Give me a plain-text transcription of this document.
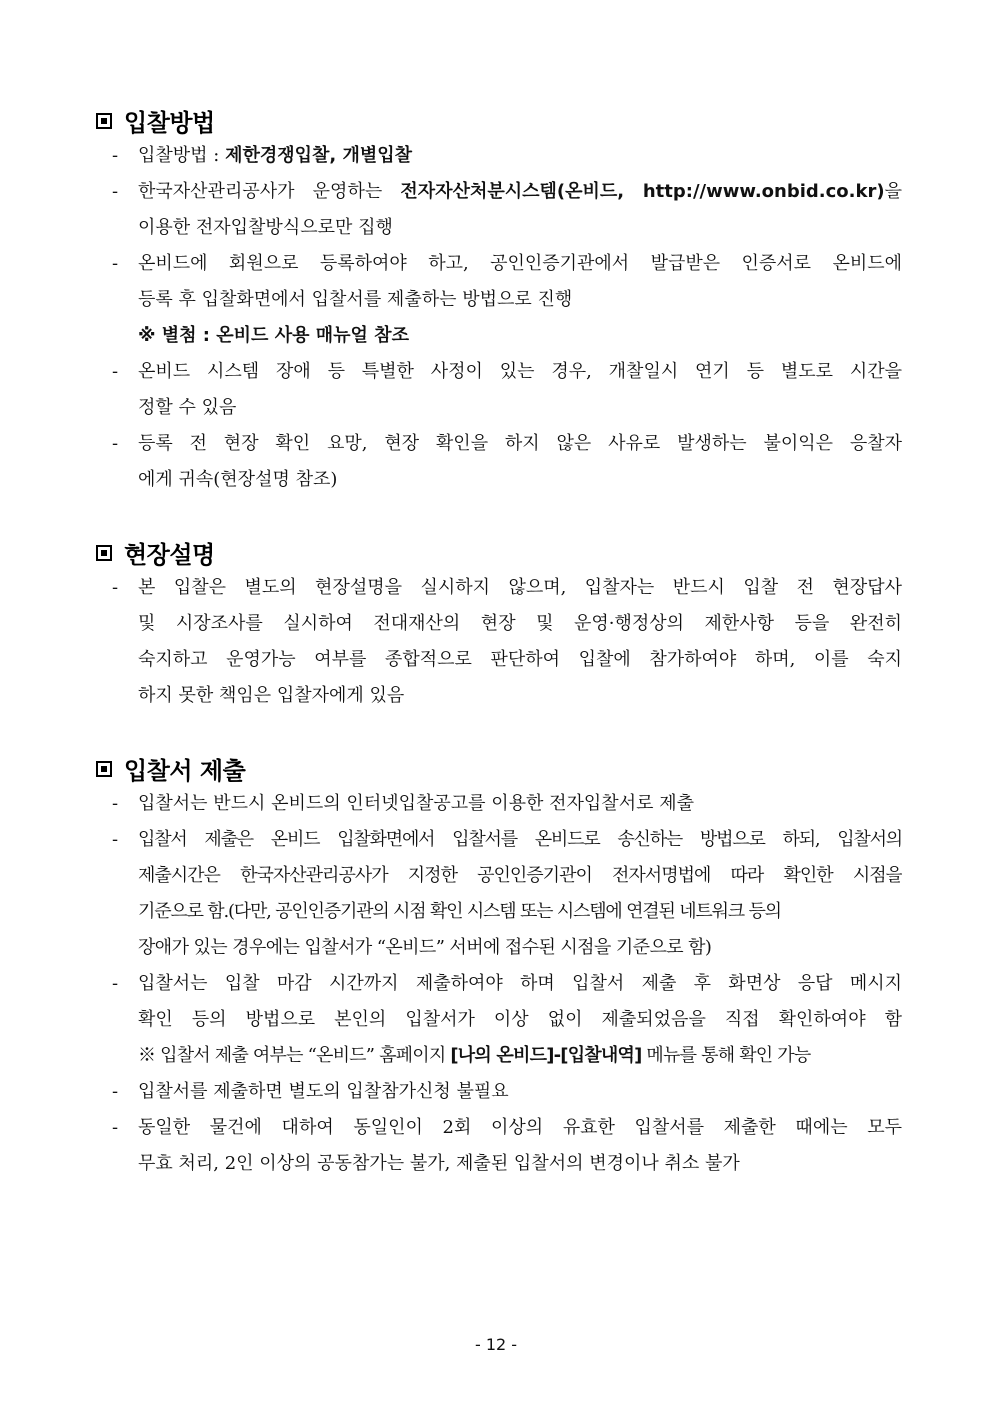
입찰방법
- 입찰방법 : 제한경쟁입찰, 개별입찰
- 한국자산관리공사가 운영하는 전자자산처분시스템(온비드, http://www.onbid.co.kr)을
이용한 전자입찰방식으로만 집행
- 온비드에 회원으로 등록하여야 하고, 공인인증기관에서 발급받은 인증서로 온비드에
등록 후 입찰화면에서 입찰서를 제출하는 방법으로 진행
※ 별첨 : 온비드 사용 매뉴얼 참조
- 온비드 시스템 장애 등 특별한 사정이 있는 경우, 개찰일시 연기 등 별도로 시간을
정할 수 있음
- 등록 전 현장 확인 요망, 현장 확인을 하지 않은 사유로 발생하는 불이익은 응찰자
에게 귀속(현장설명 참조)
현장설명
- 본 입찰은 별도의 현장설명을 실시하지 않으며, 입찰자는 반드시 입찰 전 현장답사
및 시장조사를 실시하여 전대재산의 현장 및 운영·행정상의 제한사항 등을 완전히
숙지하고 운영가능 여부를 종합적으로 판단하여 입찰에 참가하여야 하며, 이를 숙지
하지 못한 책임은 입찰자에게 있음
입찰서 제출
- 입찰서는 반드시 온비드의 인터넷입찰공고를 이용한 전자입찰서로 제출
- 입찰서 제출은 온비드 입찰화면에서 입찰서를 온비드로 송신하는 방법으로 하되, 입찰서의
제출시간은 한국자산관리공사가 지정한 공인인증기관이 전자서명법에 따라 확인한 시점을
기준으로 함.(다만, 공인인증기관의 시점 확인 시스템 또는 시스템에 연결된 네트워크 등의
장애가 있는 경우에는 입찰서가 “온비드” 서버에 접수된 시점을 기준으로 함)
- 입찰서는 입찰 마감 시간까지 제출하여야 하며 입찰서 제출 후 화면상 응답 메시지
확인 등의 방법으로 본인의 입찰서가 이상 없이 제출되었음을 직접 확인하여야 함
※ 입찰서 제출 여부는 “온비드” 홈페이지 [나의 온비드]-[입찰내역] 메뉴를 통해 확인 가능
- 입찰서를 제출하면 별도의 입찰참가신청 불필요
- 동일한 물건에 대하여 동일인이 2회 이상의 유효한 입찰서를 제출한 때에는 모두
무효 처리, 2인 이상의 공동참가는 불가, 제출된 입찰서의 변경이나 취소 불가
- 12 -
